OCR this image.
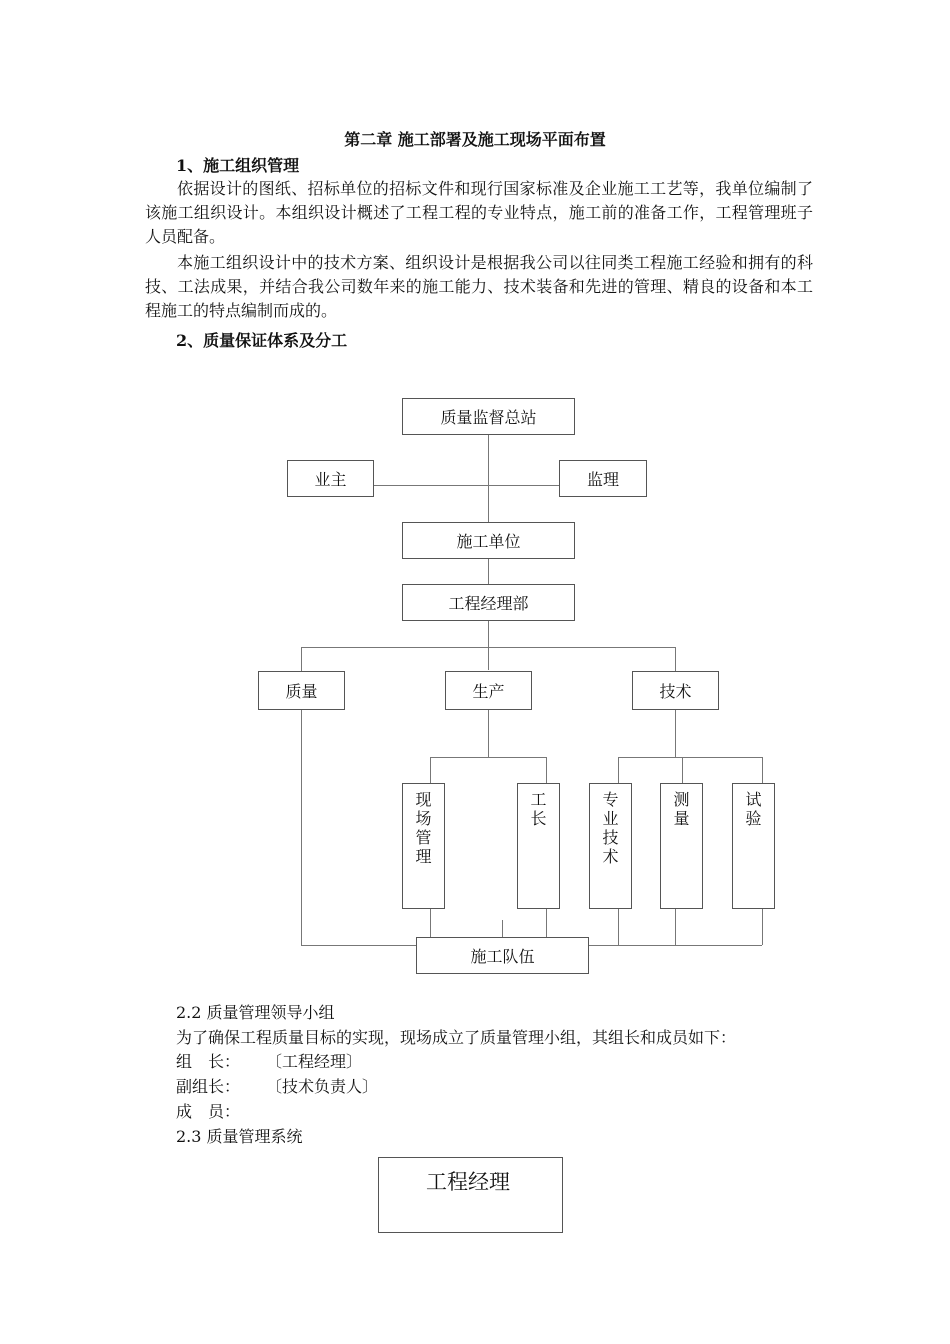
第二章 施工部署及施工现场平面布置
1、施工组织管理
依据设计的图纸、招标单位的招标文件和现行国家标准及企业施工工艺等，我单位编制了该施工组织设计。本组织设计概述了工程工程的专业特点，施工前的准备工作，工程管理班子人员配备。
本施工组织设计中的技术方案、组织设计是根据我公司以往同类工程施工经验和拥有的科技、工法成果，并结合我公司数年来的施工能力、技术装备和先进的管理、精良的设备和本工程施工的特点编制而成的。
2、质量保证体系及分工
质量监督总站
业主	监理
施工单位
工程经理部
质量	生产	技术
现
场
管
理
工
长
专
业
技
术
测
量
试
验
施工队伍
2.2 质量管理领导小组
为了确保工程质量目标的实现，现场成立了质量管理小组，其组长和成员如下：
组　长： 〔工程经理〕
副组长： 〔技术负责人〕
成　员：
2.3 质量管理系统
工程经理
